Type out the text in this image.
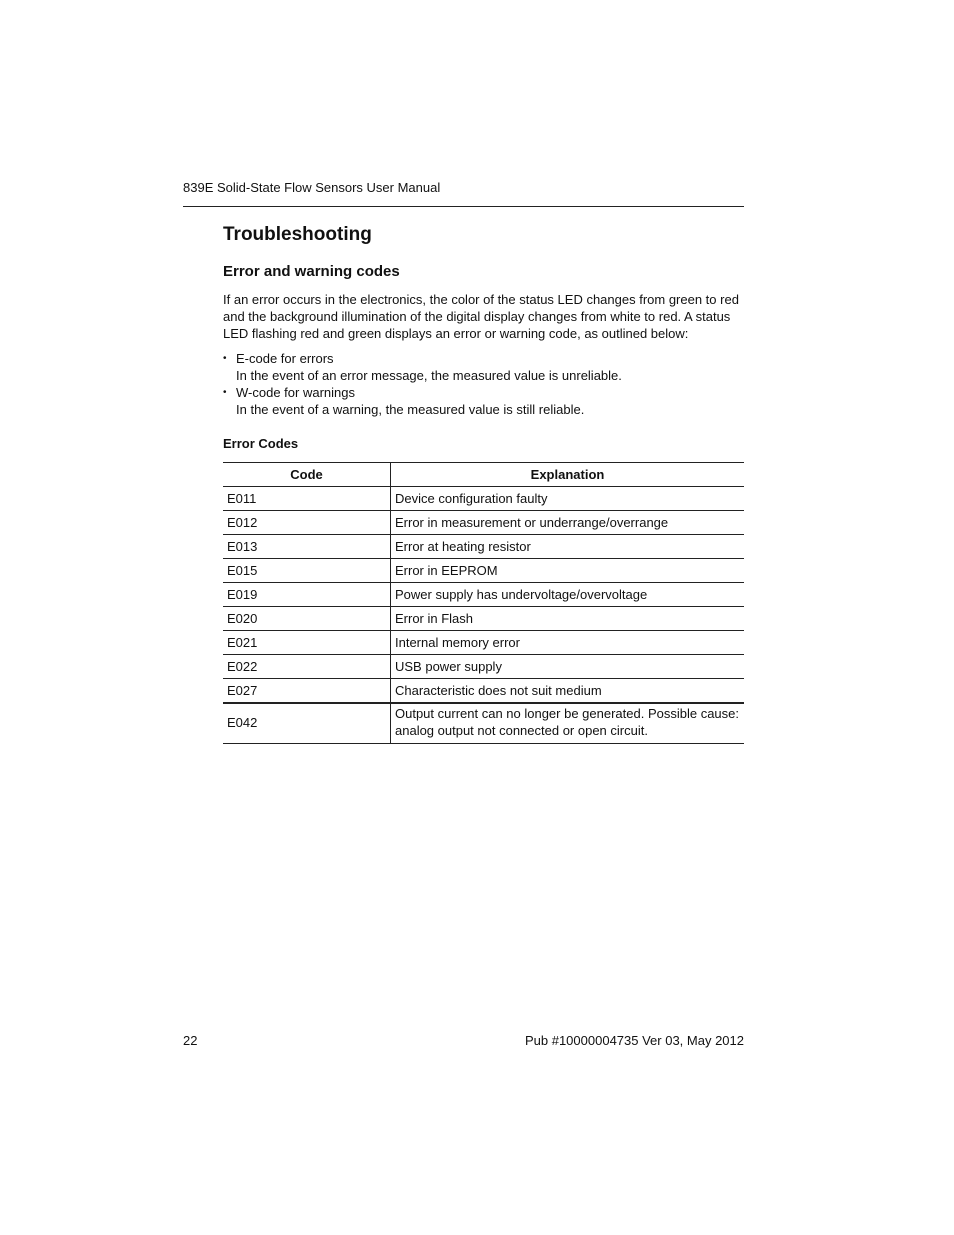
839E Solid-State Flow Sensors User Manual
Troubleshooting
Error and warning codes

If an error occurs in the electronics, the color of the status LED changes from green to red and the background illumination of the digital display changes from white to red. A status LED flashing red and green displays an error or warning code, as outlined below:

• E-code for errors
In the event of an error message, the measured value is unreliable.
• W-code for warnings
In the event of a warning, the measured value is still reliable.
Error Codes
Code	Explanation
E011	Device configuration faulty
E012	Error in measurement or underrange/overrange
E013	Error at heating resistor
E015	Error in EEPROM
E019	Power supply has undervoltage/overvoltage
E020	Error in Flash
E021	Internal memory error
E022	USB power supply
E027	Characteristic does not suit medium
E042	Output current can no longer be generated. Possible cause: analog output not connected or open circuit.
22	Pub #10000004735 Ver 03, May 2012
